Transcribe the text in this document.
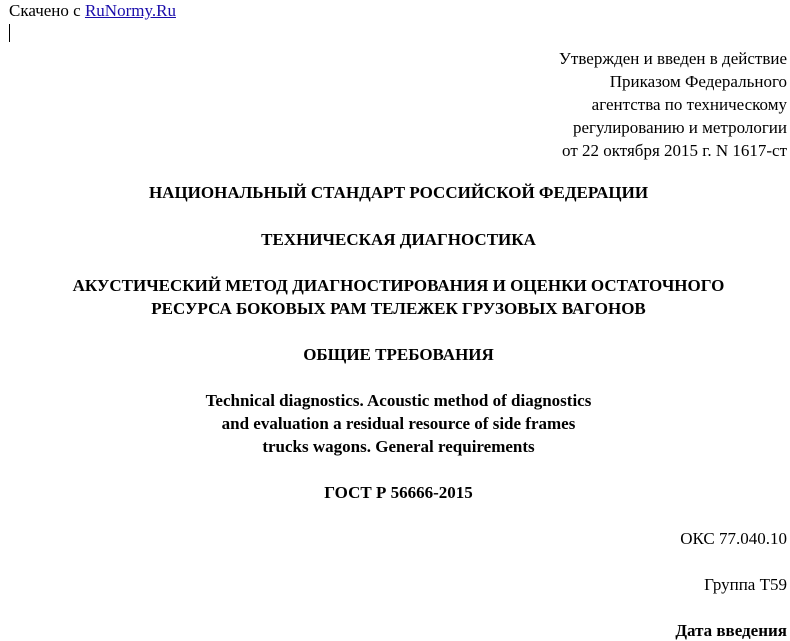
Скачено с RuNormy.Ru
Утвержден и введен в действие
Приказом Федерального
агентства по техническому
регулированию и метрологии
от 22 октября 2015 г. N 1617-ст
НАЦИОНАЛЬНЫЙ СТАНДАРТ РОССИЙСКОЙ ФЕДЕРАЦИИ
ТЕХНИЧЕСКАЯ ДИАГНОСТИКА
АКУСТИЧЕСКИЙ МЕТОД ДИАГНОСТИРОВАНИЯ И ОЦЕНКИ ОСТАТОЧНОГО
РЕСУРСА БОКОВЫХ РАМ ТЕЛЕЖЕК ГРУЗОВЫХ ВАГОНОВ
ОБЩИЕ ТРЕБОВАНИЯ
Technical diagnostics. Acoustic method of diagnostics
and evaluation a residual resource of side frames
trucks wagons. General requirements
ГОСТ Р 56666-2015
ОКС 77.040.10
Группа Т59
Дата введения
